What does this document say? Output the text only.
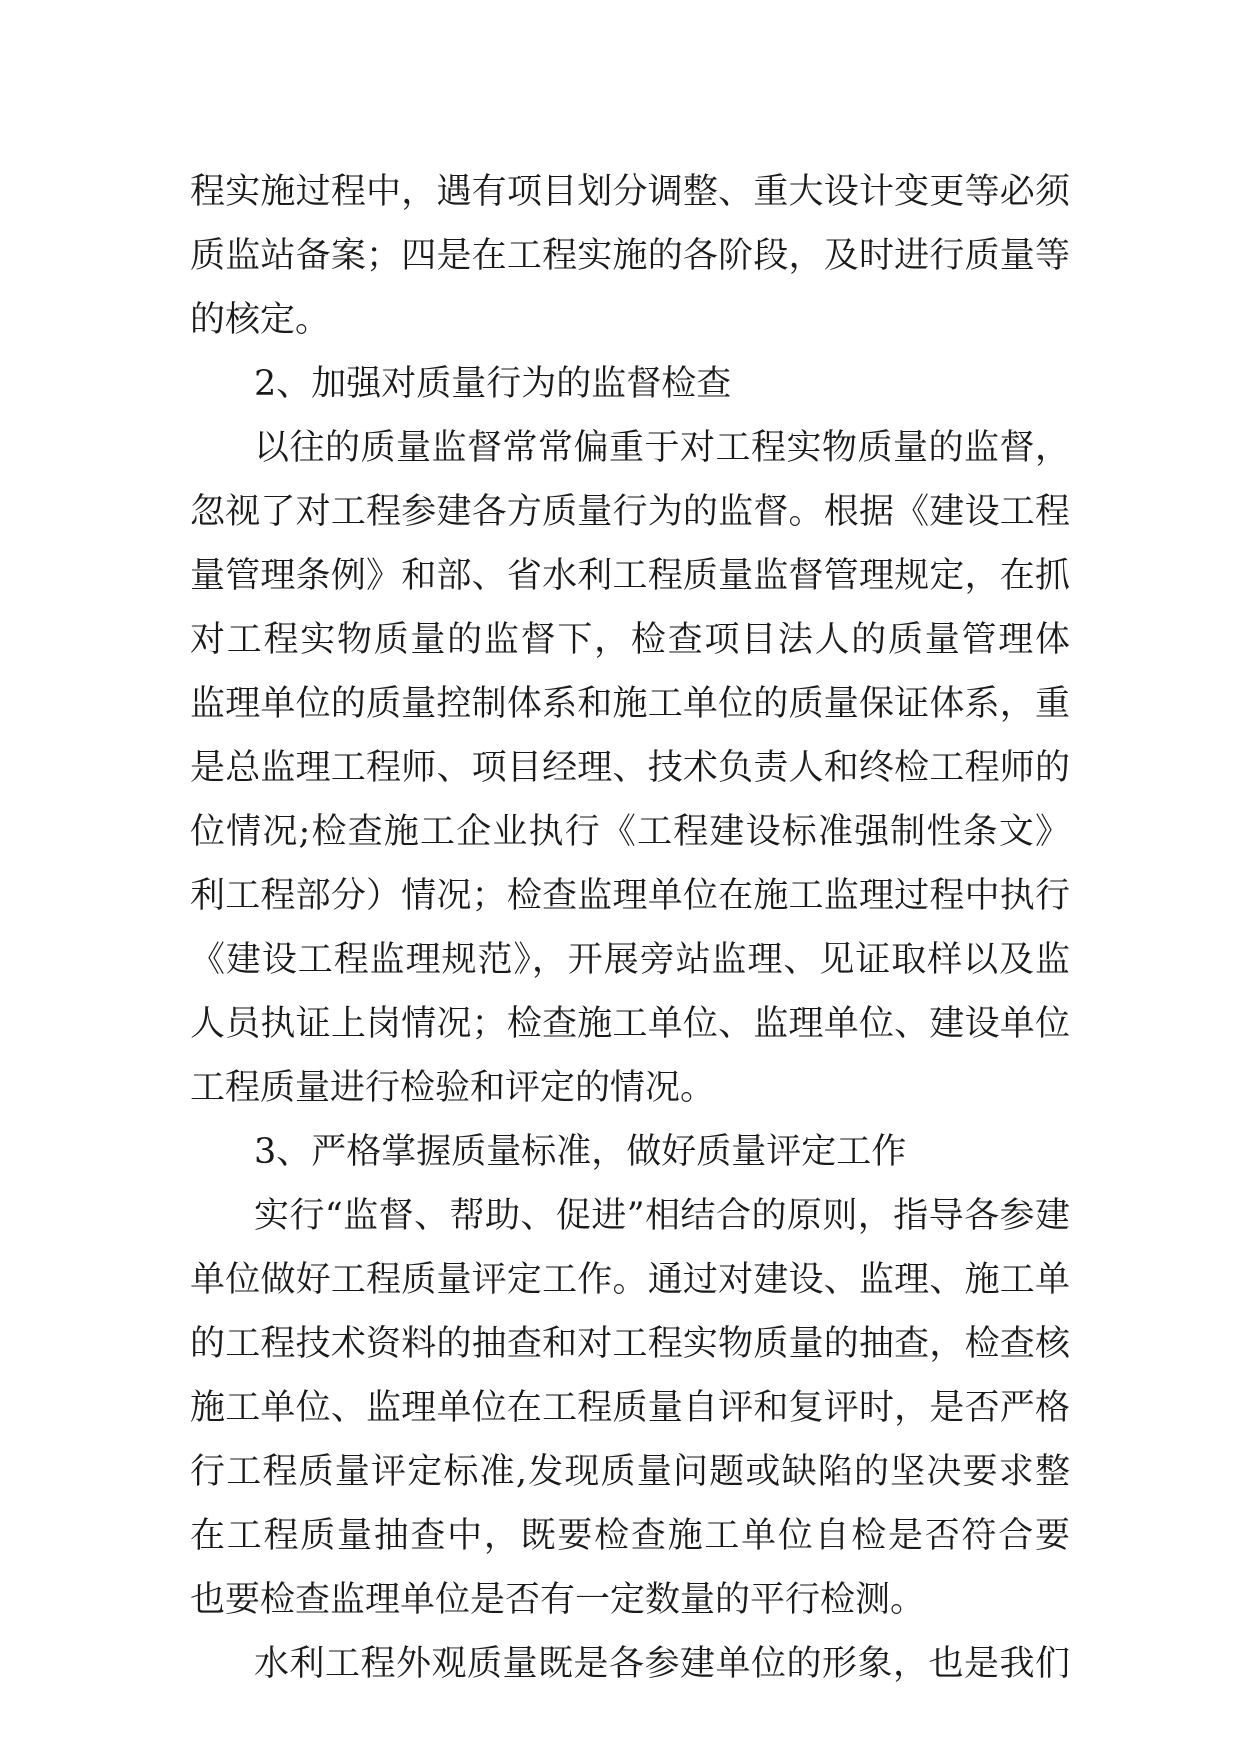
程实施过程中，遇有项目划分调整、重大设计变更等必须
质监站备案；四是在工程实施的各阶段，及时进行质量等
的核定。
2、加强对质量行为的监督检查
以往的质量监督常常偏重于对工程实物质量的监督，
忽视了对工程参建各方质量行为的监督。根据《建设工程
量管理条例》和部、省水利工程质量监督管理规定，在抓
对工程实物质量的监督下，检查项目法人的质量管理体
监理单位的质量控制体系和施工单位的质量保证体系，重
是总监理工程师、项目经理、技术负责人和终检工程师的
位情况;检查施工企业执行《工程建设标准强制性条文》
利工程部分）情况；检查监理单位在施工监理过程中执行
《建设工程监理规范》，开展旁站监理、见证取样以及监
人员执证上岗情况；检查施工单位、监理单位、建设单位
工程质量进行检验和评定的情况。
3、严格掌握质量标准，做好质量评定工作
实行“监督、帮助、促进”相结合的原则，指导各参建
单位做好工程质量评定工作。通过对建设、监理、施工单
的工程技术资料的抽查和对工程实物质量的抽查，检查核
施工单位、监理单位在工程质量自评和复评时，是否严格
行工程质量评定标准,发现质量问题或缺陷的坚决要求整
在工程质量抽查中，既要检查施工单位自检是否符合要
也要检查监理单位是否有一定数量的平行检测。
水利工程外观质量既是各参建单位的形象，也是我们
